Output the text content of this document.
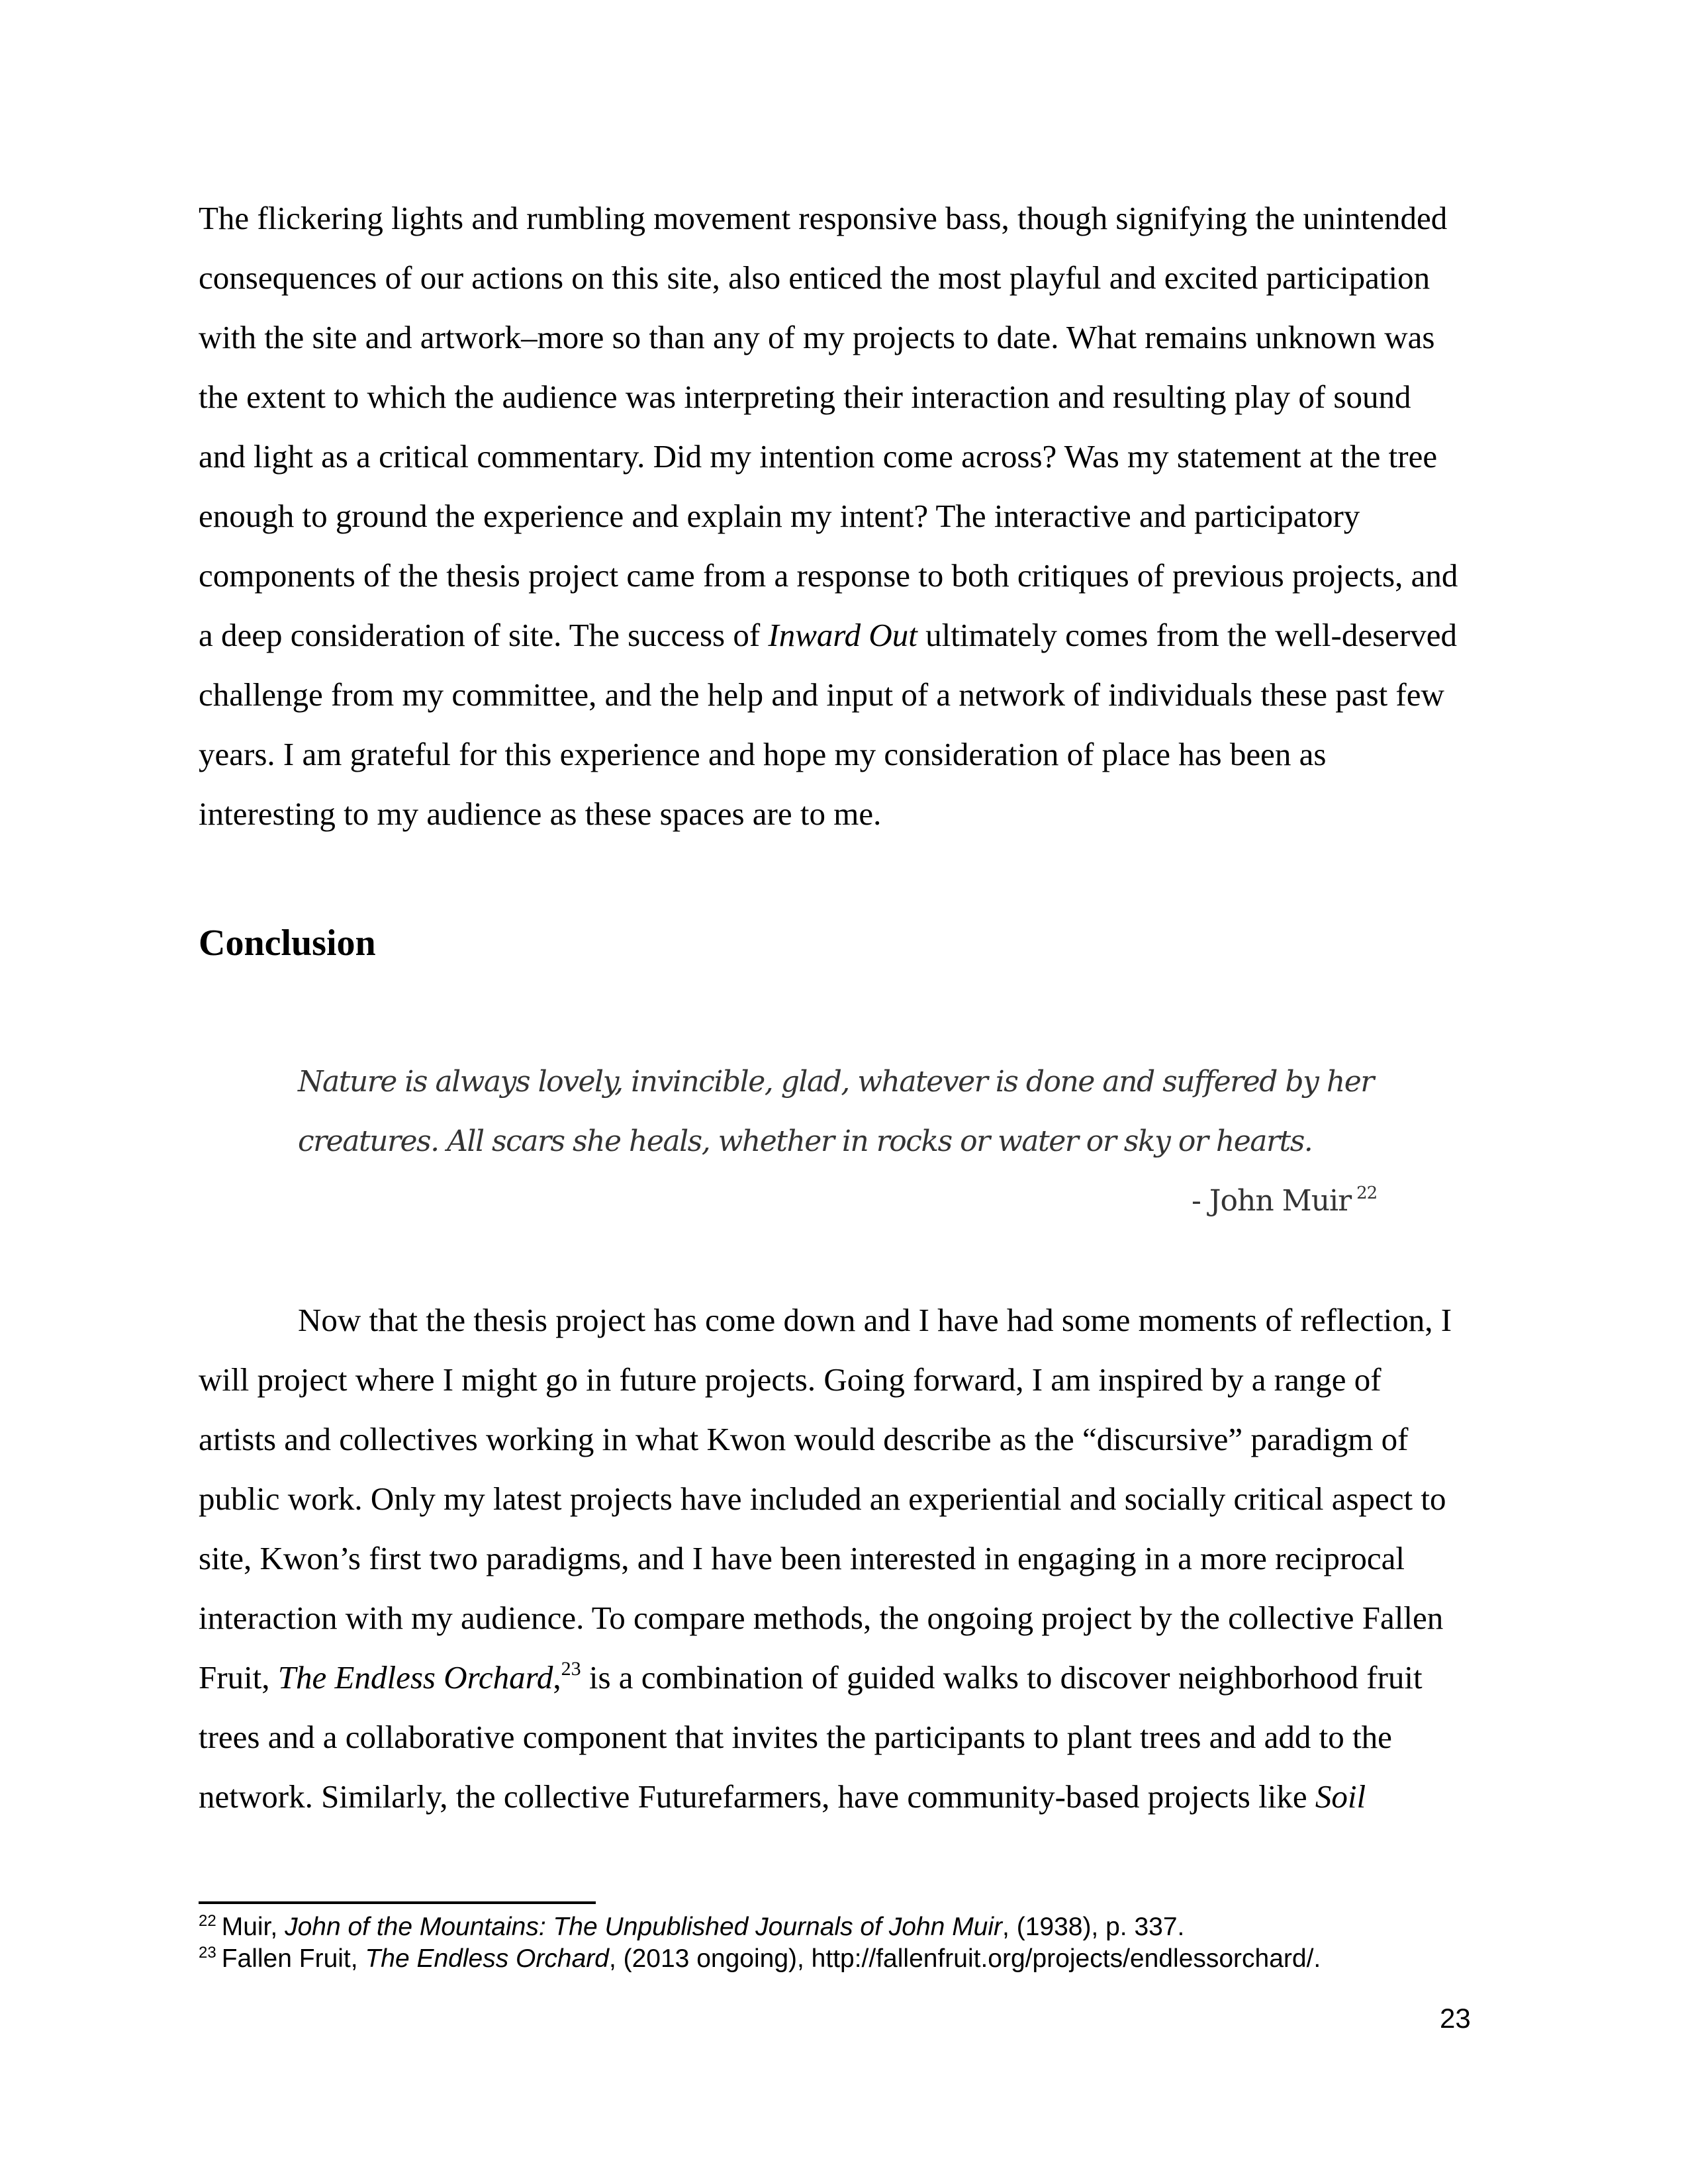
The flickering lights and rumbling movement responsive bass, though signifying the unintended
consequences of our actions on this site, also enticed the most playful and excited participation
with the site and artwork–more so than any of my projects to date. What remains unknown was
the extent to which the audience was interpreting their interaction and resulting play of sound
and light as a critical commentary. Did my intention come across? Was my statement at the tree
enough to ground the experience and explain my intent? The interactive and participatory
components of the thesis project came from a response to both critiques of previous projects, and
a deep consideration of site. The success of Inward Out ultimately comes from the well-deserved
challenge from my committee, and the help and input of a network of individuals these past few
years. I am grateful for this experience and hope my consideration of place has been as
interesting to my audience as these spaces are to me.
Conclusion
Nature is always lovely, invincible, glad, whatever is done and suffered by her
creatures. All scars she heals, whether in rocks or water or sky or hearts.
- John Muir $^{22}$
Now that the thesis project has come down and I have had some moments of reflection, I
will project where I might go in future projects. Going forward, I am inspired by a range of
artists and collectives working in what Kwon would describe as the “discursive” paradigm of
public work. Only my latest projects have included an experiential and socially critical aspect to
site, Kwon’s first two paradigms, and I have been interested in engaging in a more reciprocal
interaction with my audience. To compare methods, the ongoing project by the collective Fallen
Fruit, The Endless Orchard,$^{23}$ is a combination of guided walks to discover neighborhood fruit
trees and a collaborative component that invites the participants to plant trees and add to the
network. Similarly, the collective Futurefarmers, have community-based projects like Soil
$^{22}$ Muir, John of the Mountains: The Unpublished Journals of John Muir, (1938), p. 337.
$^{23}$ Fallen Fruit, The Endless Orchard, (2013 ongoing), http://fallenfruit.org/projects/endlessorchard/.
23
